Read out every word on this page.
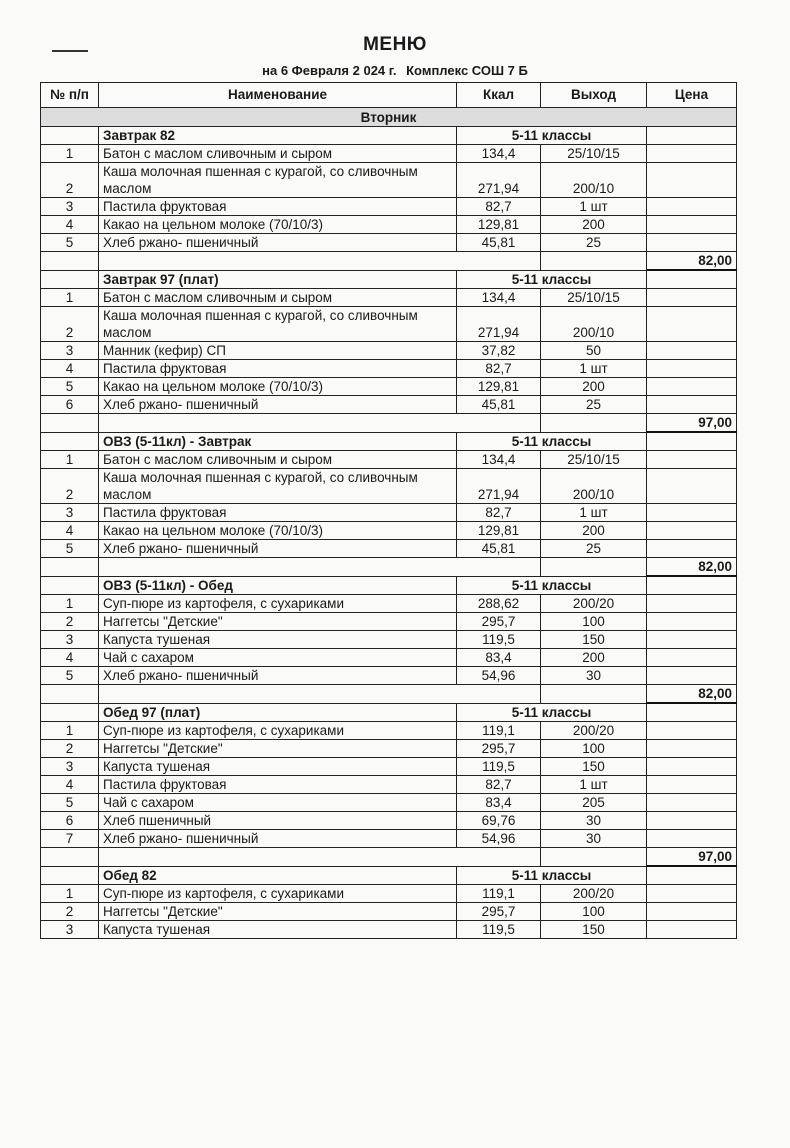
МЕНЮ
на 6 Февраля 2 024 г. Комплекс СОШ 7 Б
№ п/п	Наименование	Ккал	Выход	Цена
Вторник				
	Завтрак 82	5-11 классы		
1	Батон с маслом сливочным и сыром	134,4	25/10/15	
2	Каша молочная пшенная с курагой, со сливочным маслом	271,94	200/10	
3	Пастила фруктовая	82,7	1 шт	
4	Какао на цельном молоке (70/10/3)	129,81	200	
5	Хлеб ржано- пшеничный	45,81	25	
				82,00
	Завтрак 97 (плат)	5-11 классы		
1	Батон с маслом сливочным и сыром	134,4	25/10/15	
2	Каша молочная пшенная с курагой, со сливочным маслом	271,94	200/10	
3	Манник (кефир) СП	37,82	50	
4	Пастила фруктовая	82,7	1 шт	
5	Какао на цельном молоке (70/10/3)	129,81	200	
6	Хлеб ржано- пшеничный	45,81	25	
				97,00
	ОВЗ (5-11кл) - Завтрак	5-11 классы		
1	Батон с маслом сливочным и сыром	134,4	25/10/15	
2	Каша молочная пшенная с курагой, со сливочным маслом	271,94	200/10	
3	Пастила фруктовая	82,7	1 шт	
4	Какао на цельном молоке (70/10/3)	129,81	200	
5	Хлеб ржано- пшеничный	45,81	25	
				82,00
	ОВЗ (5-11кл) - Обед	5-11 классы		
1	Суп-пюре из картофеля, с сухариками	288,62	200/20	
2	Наггетсы "Детские"	295,7	100	
3	Капуста тушеная	119,5	150	
4	Чай с сахаром	83,4	200	
5	Хлеб ржано- пшеничный	54,96	30	
				82,00
	Обед 97 (плат)	5-11 классы		
1	Суп-пюре из картофеля, с сухариками	119,1	200/20	
2	Наггетсы "Детские"	295,7	100	
3	Капуста тушеная	119,5	150	
4	Пастила фруктовая	82,7	1 шт	
5	Чай с сахаром	83,4	205	
6	Хлеб пшеничный	69,76	30	
7	Хлеб ржано- пшеничный	54,96	30	
				97,00
	Обед 82	5-11 классы		
1	Суп-пюре из картофеля, с сухариками	119,1	200/20	
2	Наггетсы "Детские"	295,7	100	
3	Капуста тушеная	119,5	150	
